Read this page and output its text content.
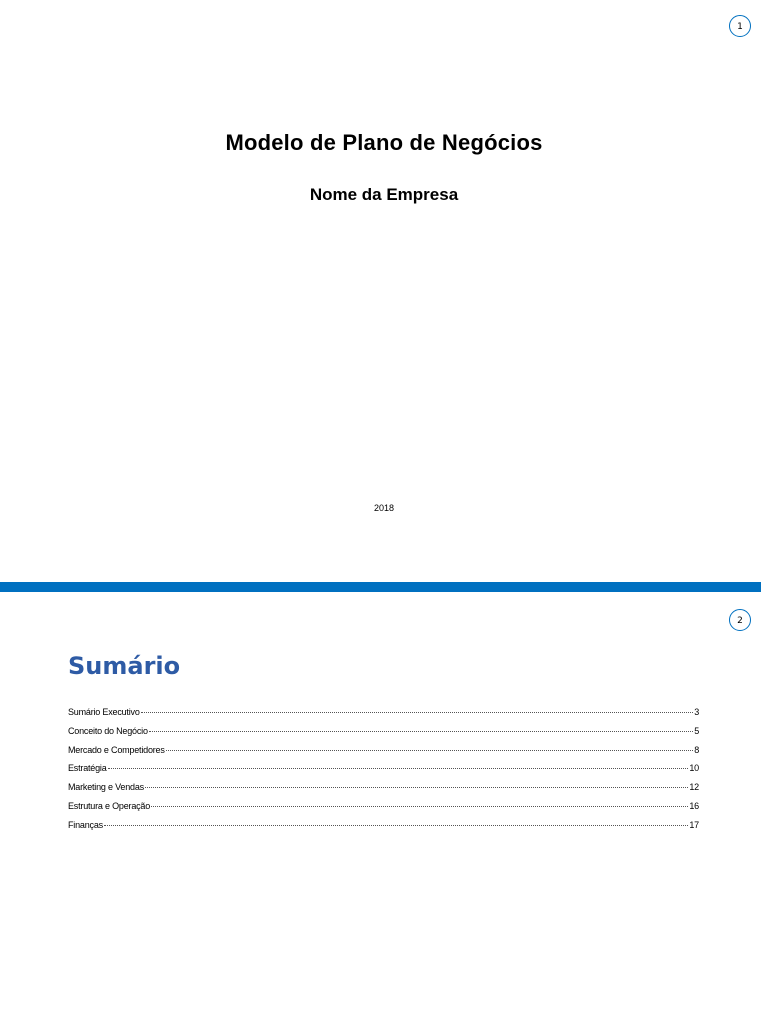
1
Modelo de Plano de Negócios
Nome da Empresa
2018
2
Sumário
Sumário Executivo	3
Conceito do Negócio	5
Mercado e Competidores	8
Estratégia	10
Marketing e Vendas	12
Estrutura e Operação	16
Finanças	17
